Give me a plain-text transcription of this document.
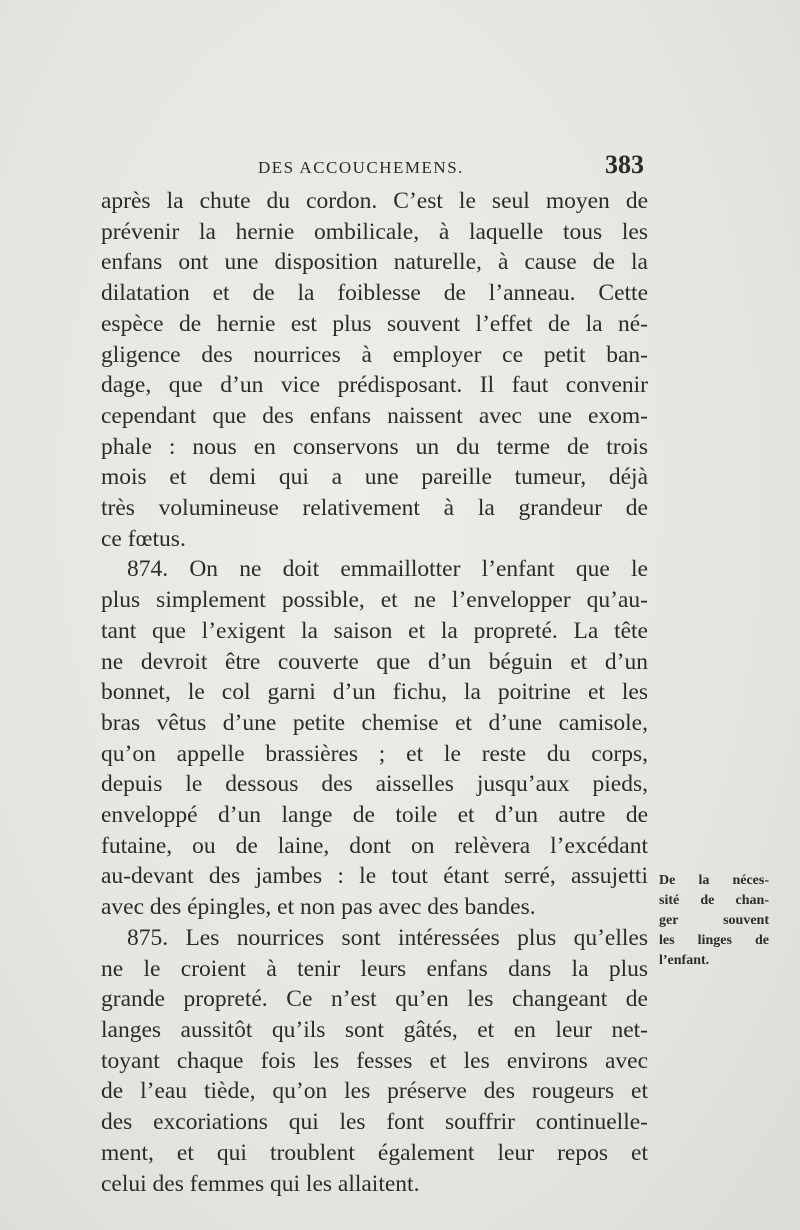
DES ACCOUCHEMENS.	383
après la chute du cordon. C’est le seul moyen de
prévenir la hernie ombilicale, à laquelle tous les
enfans ont une disposition naturelle, à cause de la
dilatation et de la foiblesse de l’anneau. Cette
espèce de hernie est plus souvent l’effet de la né-
gligence des nourrices à employer ce petit ban-
dage, que d’un vice prédisposant. Il faut convenir
cependant que des enfans naissent avec une exom-
phale : nous en conservons un du terme de trois
mois et demi qui a une pareille tumeur, déjà
très volumineuse relativement à la grandeur de
ce fœtus.
874. On ne doit emmaillotter l’enfant que le
plus simplement possible, et ne l’envelopper qu’au-
tant que l’exigent la saison et la propreté. La tête
ne devroit être couverte que d’un béguin et d’un
bonnet, le col garni d’un fichu, la poitrine et les
bras vêtus d’une petite chemise et d’une camisole,
qu’on appelle brassières ; et le reste du corps,
depuis le dessous des aisselles jusqu’aux pieds,
enveloppé d’un lange de toile et d’un autre de
futaine, ou de laine, dont on relèvera l’excédant
au-devant des jambes : le tout étant serré, assujetti
avec des épingles, et non pas avec des bandes.
875. Les nourrices sont intéressées plus qu’elles
ne le croient à tenir leurs enfans dans la plus
grande propreté. Ce n’est qu’en les changeant de
langes aussitôt qu’ils sont gâtés, et en leur net-
toyant chaque fois les fesses et les environs avec
de l’eau tiède, qu’on les préserve des rougeurs et
des excoriations qui les font souffrir continuelle-
ment, et qui troublent également leur repos et
celui des femmes qui les allaitent.
De la néces-
sité de chan-
ger souvent
les linges de
l’enfant.
